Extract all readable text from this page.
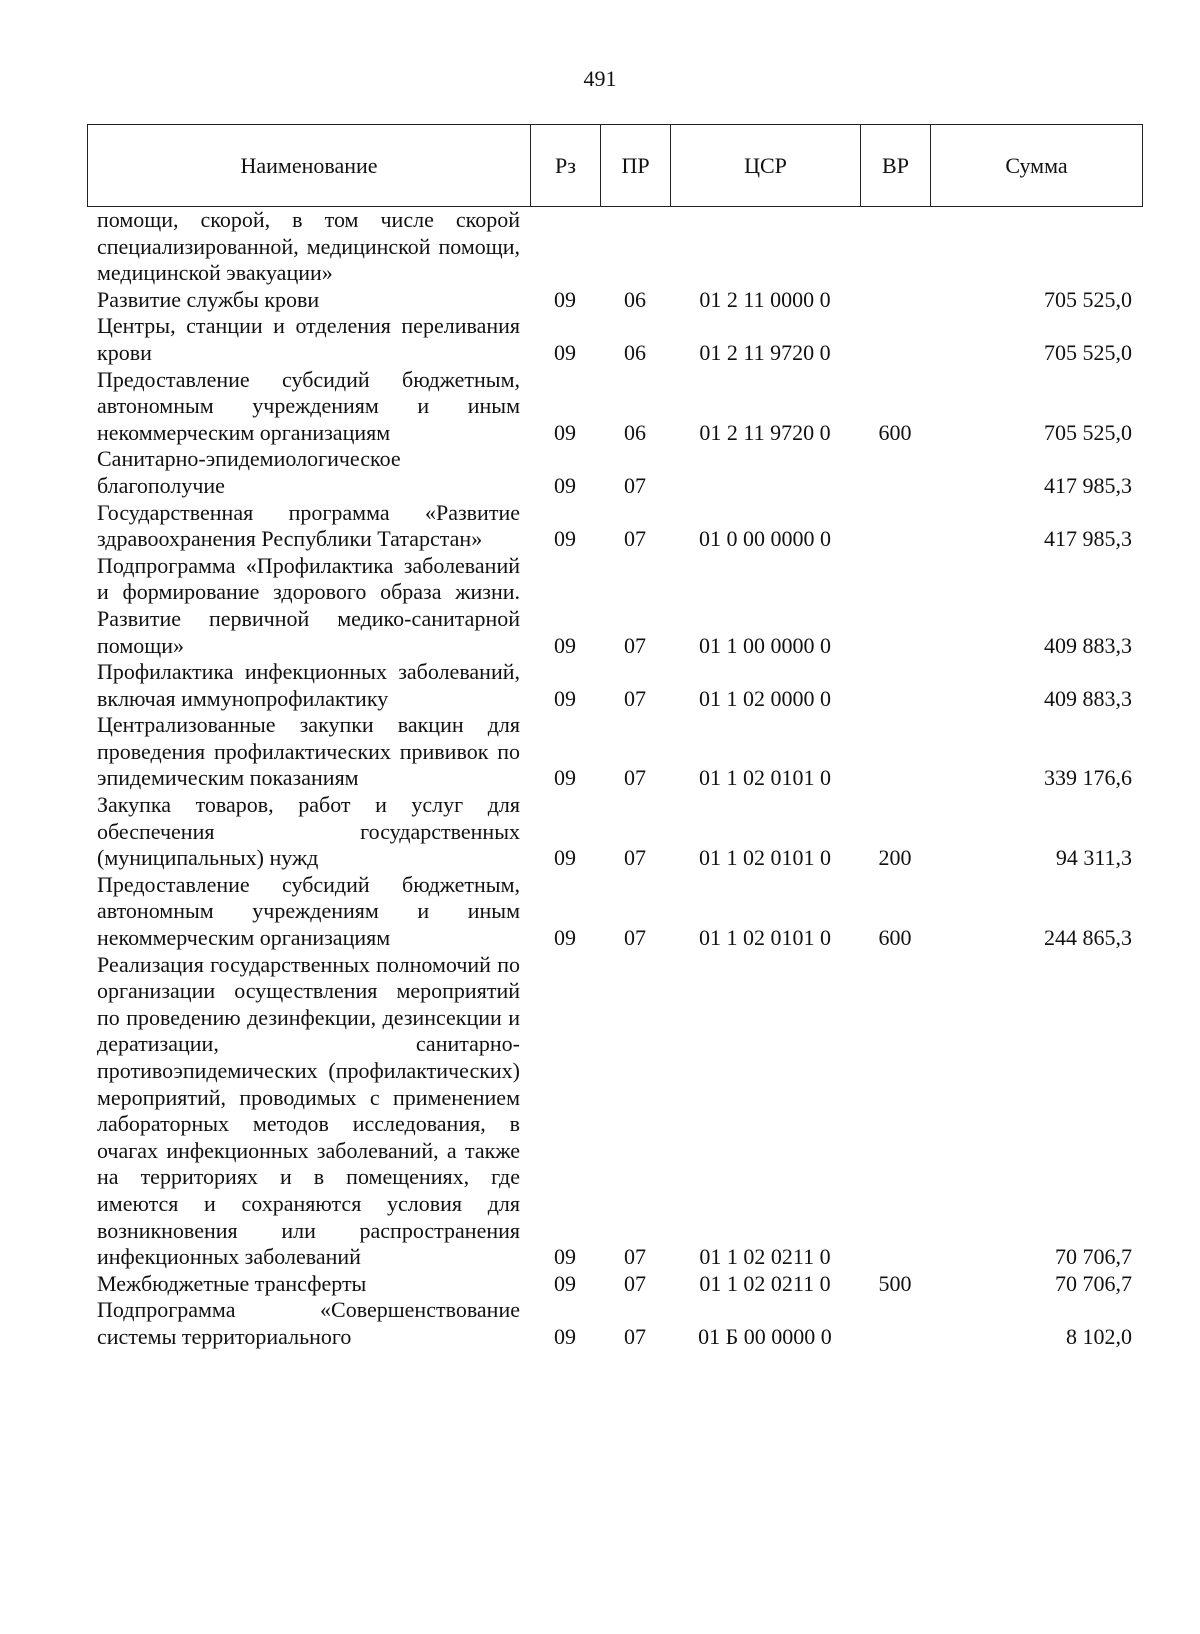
491
Наименование	Рз	ПР	ЦСР	ВР	Сумма
помощи, скорой, в том числе скорой специализированной, медицинской помощи, медицинской эвакуации»					
Развитие службы крови	09	06	01 2 11 0000 0		705 525,0
Центры, станции и отделения переливания крови	09	06	01 2 11 9720 0		705 525,0
Предоставление субсидий бюджетным, автономным учреждениям и иным некоммерческим организациям	09	06	01 2 11 9720 0	600	705 525,0
Санитарно-эпидемиологическое благополучие	09	07			417 985,3
Государственная программа «Развитие здравоохранения Республики Татарстан»	09	07	01 0 00 0000 0		417 985,3
Подпрограмма «Профилактика заболеваний и формирование здорового образа жизни. Развитие первичной медико-санитарной помощи»	09	07	01 1 00 0000 0		409 883,3
Профилактика инфекционных заболеваний, включая иммунопрофилактику	09	07	01 1 02 0000 0		409 883,3
Централизованные закупки вакцин для проведения профилактических прививок по эпидемическим показаниям	09	07	01 1 02 0101 0		339 176,6
Закупка товаров, работ и услуг для обеспечения государственных (муниципальных) нужд	09	07	01 1 02 0101 0	200	94 311,3
Предоставление субсидий бюджетным, автономным учреждениям и иным некоммерческим организациям	09	07	01 1 02 0101 0	600	244 865,3
Реализация государственных полномочий по организации осуществления мероприятий по проведению дезинфекции, дезинсекции и дератизации, санитарно-противоэпидемических (профилактических) мероприятий, проводимых с применением лабораторных методов исследования, в очагах инфекционных заболеваний, а также на территориях и в помещениях, где имеются и сохраняются условия для возникновения или распространения инфекционных заболеваний	09	07	01 1 02 0211 0		70 706,7
Межбюджетные трансферты	09	07	01 1 02 0211 0	500	70 706,7
Подпрограмма «Совершенствование системы территориального	09	07	01 Б 00 0000 0		8 102,0
